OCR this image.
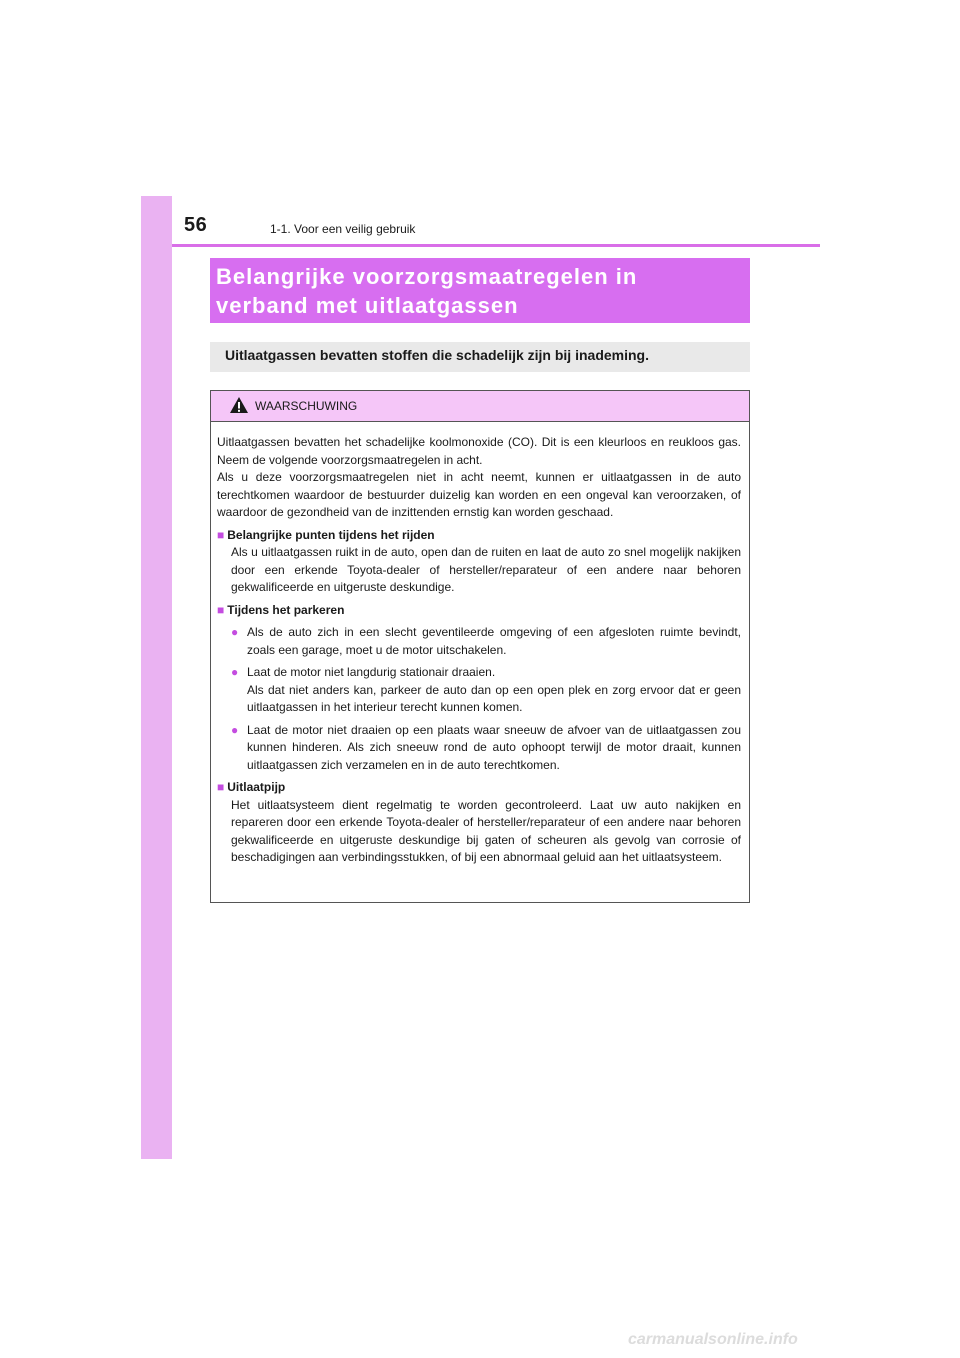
56	1-1. Voor een veilig gebruik
Belangrijke voorzorgsmaatregelen in
verband met uitlaatgassen
Uitlaatgassen bevatten stoffen die schadelijk zijn bij inademing.
WAARSCHUWING

Uitlaatgassen bevatten het schadelijke koolmonoxide (CO). Dit is een kleurloos en reukloos gas. Neem de volgende voorzorgsmaatregelen in acht.

Als u deze voorzorgsmaatregelen niet in acht neemt, kunnen er uitlaatgassen in de auto terechtkomen waardoor de bestuurder duizelig kan worden en een ongeval kan veroorzaken, of waardoor de gezondheid van de inzittenden ernstig kan worden geschaad.

■ Belangrijke punten tijdens het rijden
Als u uitlaatgassen ruikt in de auto, open dan de ruiten en laat de auto zo snel mogelijk nakijken door een erkende Toyota-dealer of hersteller/reparateur of een andere naar behoren gekwalificeerde en uitgeruste deskundige.
■ Tijdens het parkeren
● Als de auto zich in een slecht geventileerde omgeving of een afgesloten ruimte bevindt, zoals een garage, moet u de motor uitschakelen.
● Laat de motor niet langdurig stationair draaien.
Als dat niet anders kan, parkeer de auto dan op een open plek en zorg ervoor dat er geen uitlaatgassen in het interieur terecht kunnen komen.
● Laat de motor niet draaien op een plaats waar sneeuw de afvoer van de uitlaatgassen zou kunnen hinderen. Als zich sneeuw rond de auto ophoopt terwijl de motor draait, kunnen uitlaatgassen zich verzamelen en in de auto terechtkomen.
■ Uitlaatpijp
Het uitlaatsysteem dient regelmatig te worden gecontroleerd. Laat uw auto nakijken en repareren door een erkende Toyota-dealer of hersteller/reparateur of een andere naar behoren gekwalificeerde en uitgeruste deskundige bij gaten of scheuren als gevolg van corrosie of beschadigingen aan verbindingsstukken, of bij een abnormaal geluid aan het uitlaatsysteem.
carmanualsonline.info
